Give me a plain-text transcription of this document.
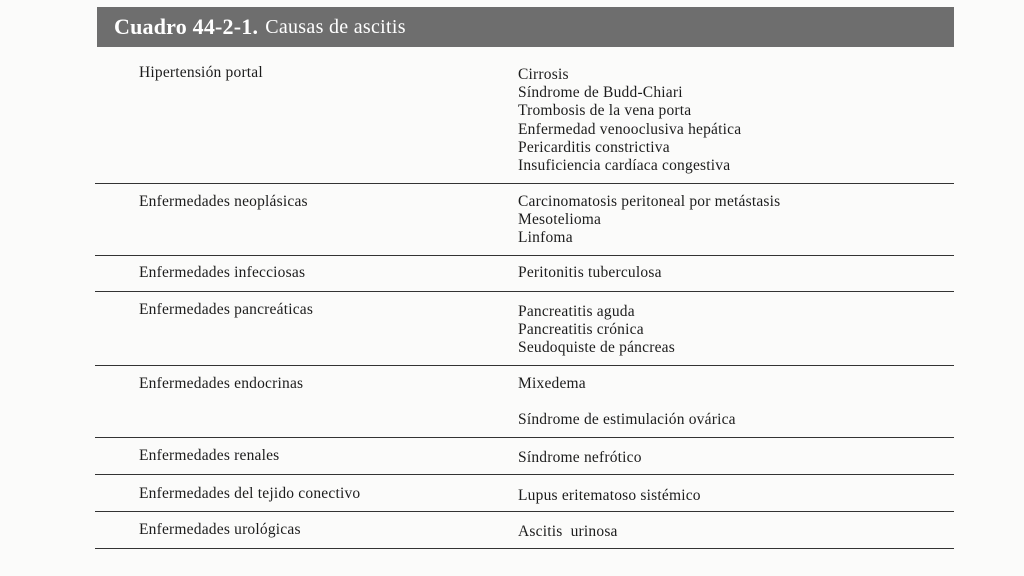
Cuadro 44-2-1. Causas de ascitis
Hipertensión portal	Cirrosis
Síndrome de Budd-Chiari
Trombosis de la vena porta
Enfermedad venooclusiva hepática
Pericarditis constrictiva
Insuficiencia cardíaca congestiva
Enfermedades neoplásicas	Carcinomatosis peritoneal por metástasis
Mesotelioma
Linfoma
Enfermedades infecciosas	Peritonitis tuberculosa
Enfermedades pancreáticas	Pancreatitis aguda
Pancreatitis crónica
Seudoquiste de páncreas
Enfermedades endocrinas	Mixedema
Síndrome de estimulación ovárica
Enfermedades renales	Síndrome nefrótico
Enfermedades del tejido conectivo	Lupus eritematoso sistémico
Enfermedades urológicas	Ascitis  urinosa
